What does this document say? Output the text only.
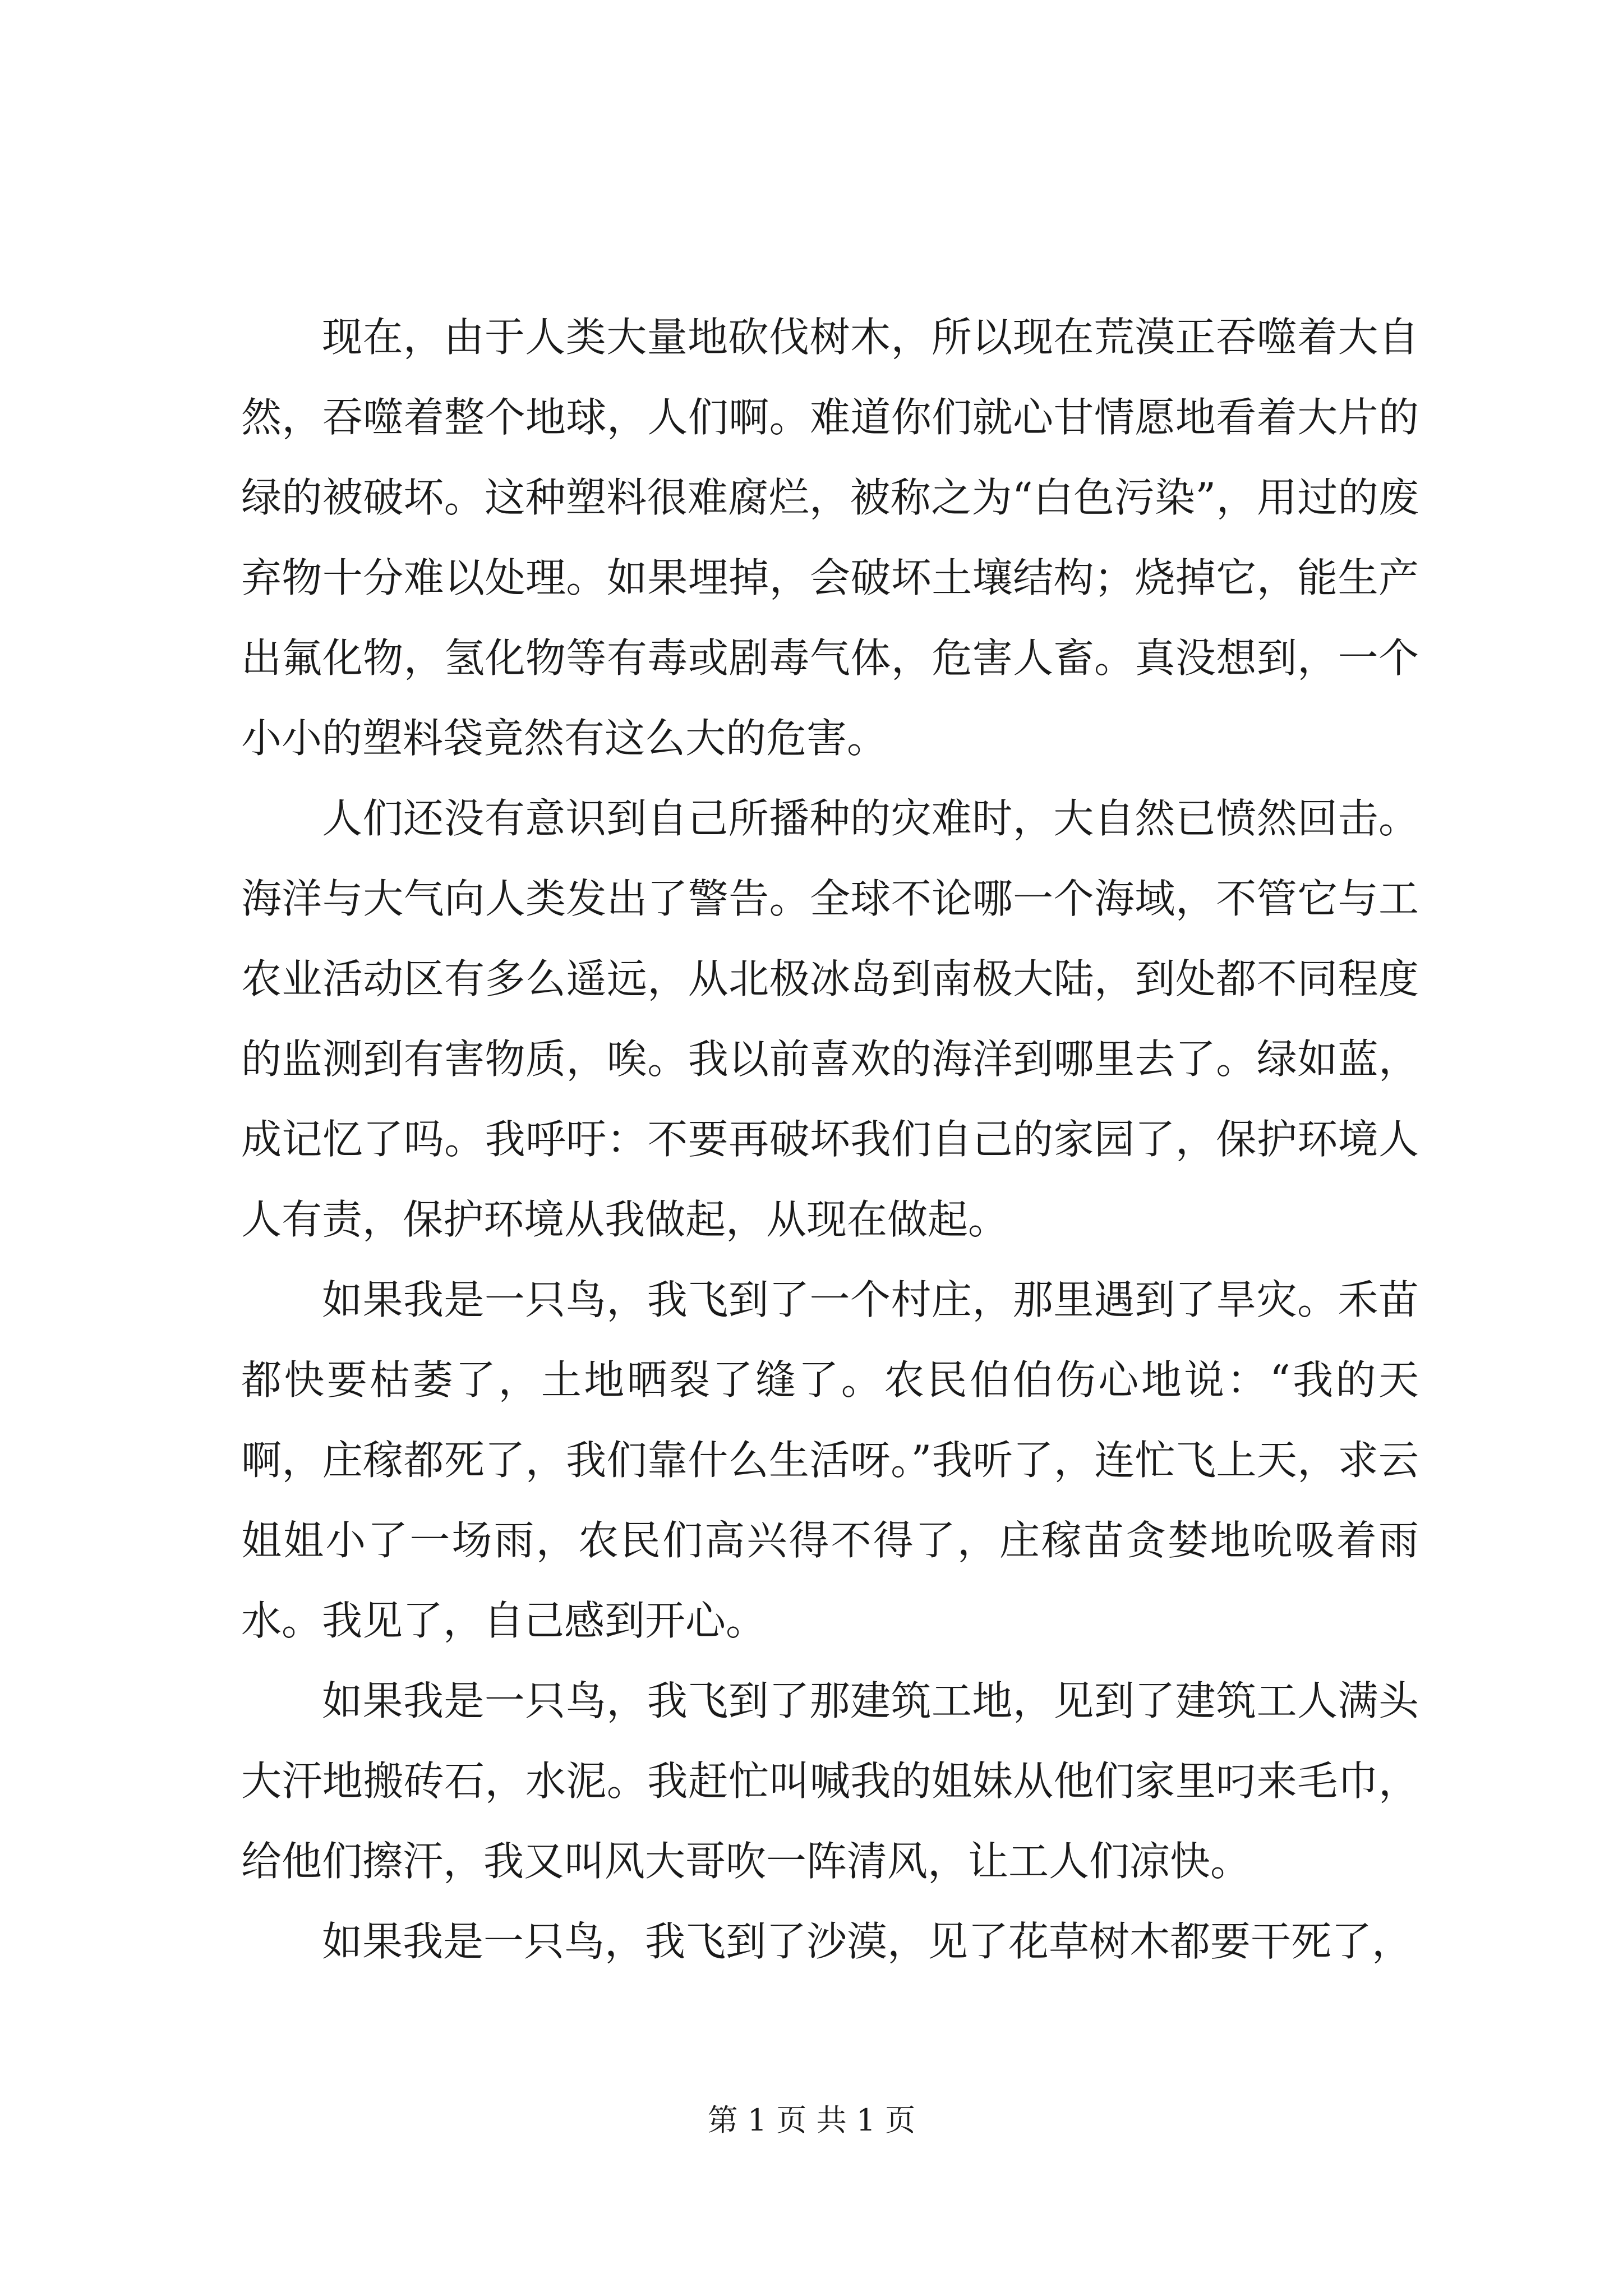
现在，由于人类大量地砍伐树木，所以现在荒漠正吞噬着大自然，吞噬着整个地球，人们啊。难道你们就心甘情愿地看着大片的绿的被破坏。这种塑料很难腐烂，被称之为“白色污染”，用过的废弃物十分难以处理。如果埋掉，会破坏土壤结构；烧掉它，能生产出氟化物，氢化物等有毒或剧毒气体，危害人畜。真没想到，一个小小的塑料袋竟然有这么大的危害。

人们还没有意识到自己所播种的灾难时，大自然已愤然回击。海洋与大气向人类发出了警告。全球不论哪一个海域，不管它与工农业活动区有多么遥远，从北极冰岛到南极大陆，到处都不同程度的监测到有害物质，唉。我以前喜欢的海洋到哪里去了。绿如蓝，成记忆了吗。我呼吁：不要再破坏我们自己的家园了，保护环境人人有责，保护环境从我做起，从现在做起。

如果我是一只鸟，我飞到了一个村庄，那里遇到了旱灾。禾苗都快要枯萎了，土地晒裂了缝了。农民伯伯伤心地说：“我的天啊，庄稼都死了，我们靠什么生活呀。”我听了，连忙飞上天，求云姐姐小了一场雨，农民们高兴得不得了，庄稼苗贪婪地吮吸着雨水。我见了，自己感到开心。

如果我是一只鸟，我飞到了那建筑工地，见到了建筑工人满头大汗地搬砖石，水泥。我赶忙叫喊我的姐妹从他们家里叼来毛巾，给他们擦汗，我又叫风大哥吹一阵清风，让工人们凉快。

如果我是一只鸟，我飞到了沙漠，见了花草树木都要干死了，

第 1 页 共 1 页
